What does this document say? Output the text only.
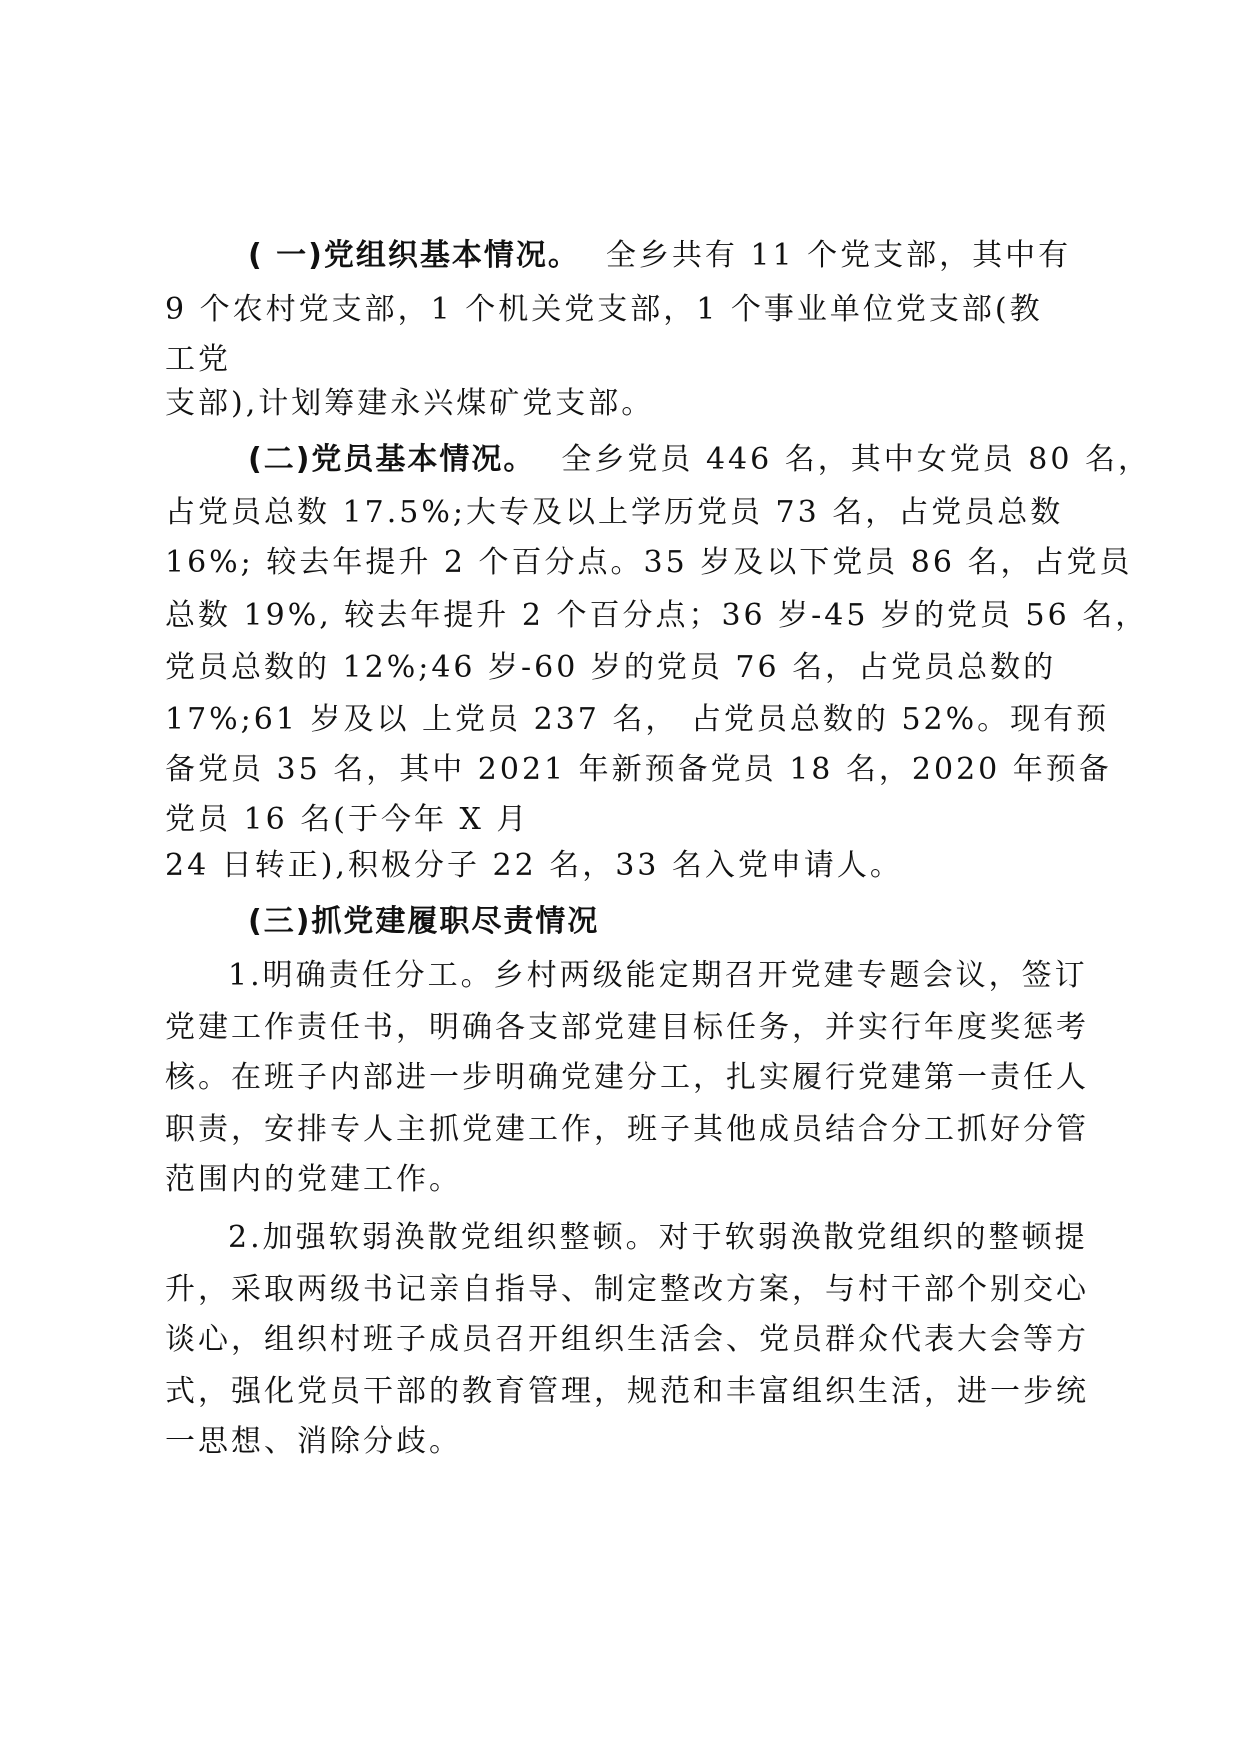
( 一)党组织基本情况。 全乡共有 11 个党支部，其中有
9 个农村党支部，1 个机关党支部，1 个事业单位党支部(教
工党
支部),计划筹建永兴煤矿党支部。
(二)党员基本情况。 全乡党员 446 名，其中女党员 80 名，
占党员总数 17.5%;大专及以上学历党员 73 名，占党员总数
16%; 较去年提升 2 个百分点。35 岁及以下党员 86 名，占党员
总数 19%, 较去年提升 2 个百分点；36 岁-45 岁的党员 56 名，
党员总数的 12%;46 岁-60 岁的党员 76 名，占党员总数的
17%;61 岁及以 上党员 237 名， 占党员总数的 52%。现有预
备党员 35 名，其中 2021 年新预备党员 18 名，2020 年预备
党员 16 名(于今年 X 月
24 日转正),积极分子 22 名，33 名入党申请人。
(三)抓党建履职尽责情况
1.明确责任分工。乡村两级能定期召开党建专题会议，签订
党建工作责任书，明确各支部党建目标任务，并实行年度奖惩考
核。在班子内部进一步明确党建分工，扎实履行党建第一责任人
职责，安排专人主抓党建工作，班子其他成员结合分工抓好分管
范围内的党建工作。
2.加强软弱涣散党组织整顿。对于软弱涣散党组织的整顿提
升，采取两级书记亲自指导、制定整改方案，与村干部个别交心
谈心，组织村班子成员召开组织生活会、党员群众代表大会等方
式，强化党员干部的教育管理，规范和丰富组织生活，进一步统
一思想、消除分歧。
